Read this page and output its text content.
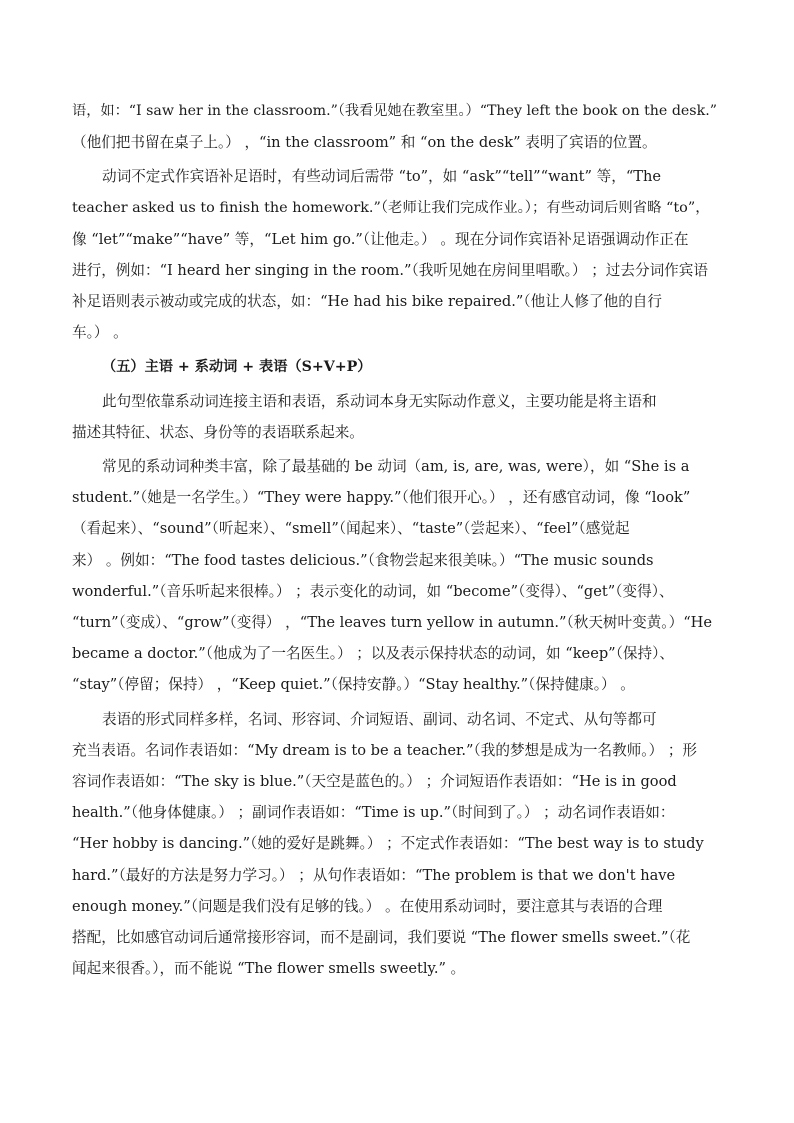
语，如：“I saw her in the classroom.”（我看见她在教室里。）“They left the book on the desk.”

（他们把书留在桌子上。） ，“in the classroom” 和 “on the desk” 表明了宾语的位置。

动词不定式作宾语补足语时，有些动词后需带 “to”，如 “ask”“tell”“want” 等，“The

teacher asked us to finish the homework.”（老师让我们完成作业。）；有些动词后则省略 “to”，

像 “let”“make”“have” 等，“Let him go.”（让他走。） 。现在分词作宾语补足语强调动作正在

进行，例如：“I heard her singing in the room.”（我听见她在房间里唱歌。） ；过去分词作宾语

补足语则表示被动或完成的状态，如：“He had his bike repaired.”（他让人修了他的自行

车。） 。

（五）主语 + 系动词 + 表语（S+V+P）

此句型依靠系动词连接主语和表语，系动词本身无实际动作意义，主要功能是将主语和

描述其特征、状态、身份等的表语联系起来。

常见的系动词种类丰富，除了最基础的 be 动词（am, is, are, was, were），如 “She is a

student.”（她是一名学生。）“They were happy.”（他们很开心。） ，还有感官动词，像 “look”

（看起来）、“sound”（听起来）、“smell”（闻起来）、“taste”（尝起来）、“feel”（感觉起

来） 。例如：“The food tastes delicious.”（食物尝起来很美味。）“The music sounds

wonderful.”（音乐听起来很棒。） ；表示变化的动词，如 “become”（变得）、“get”（变得）、

“turn”（变成）、“grow”（变得） ，“The leaves turn yellow in autumn.”（秋天树叶变黄。）“He

became a doctor.”（他成为了一名医生。） ；以及表示保持状态的动词，如 “keep”（保持）、

“stay”（停留；保持） ，“Keep quiet.”（保持安静。）“Stay healthy.”（保持健康。） 。

表语的形式同样多样，名词、形容词、介词短语、副词、动名词、不定式、从句等都可

充当表语。名词作表语如：“My dream is to be a teacher.”（我的梦想是成为一名教师。） ；形

容词作表语如：“The sky is blue.”（天空是蓝色的。） ；介词短语作表语如：“He is in good

health.”（他身体健康。） ；副词作表语如：“Time is up.”（时间到了。） ；动名词作表语如：

“Her hobby is dancing.”（她的爱好是跳舞。） ；不定式作表语如：“The best way is to study

hard.”（最好的方法是努力学习。） ；从句作表语如：“The problem is that we don't have

enough money.”（问题是我们没有足够的钱。） 。在使用系动词时，要注意其与表语的合理

搭配，比如感官动词后通常接形容词，而不是副词，我们要说 “The flower smells sweet.”（花

闻起来很香。），而不能说 “The flower smells sweetly.” 。
